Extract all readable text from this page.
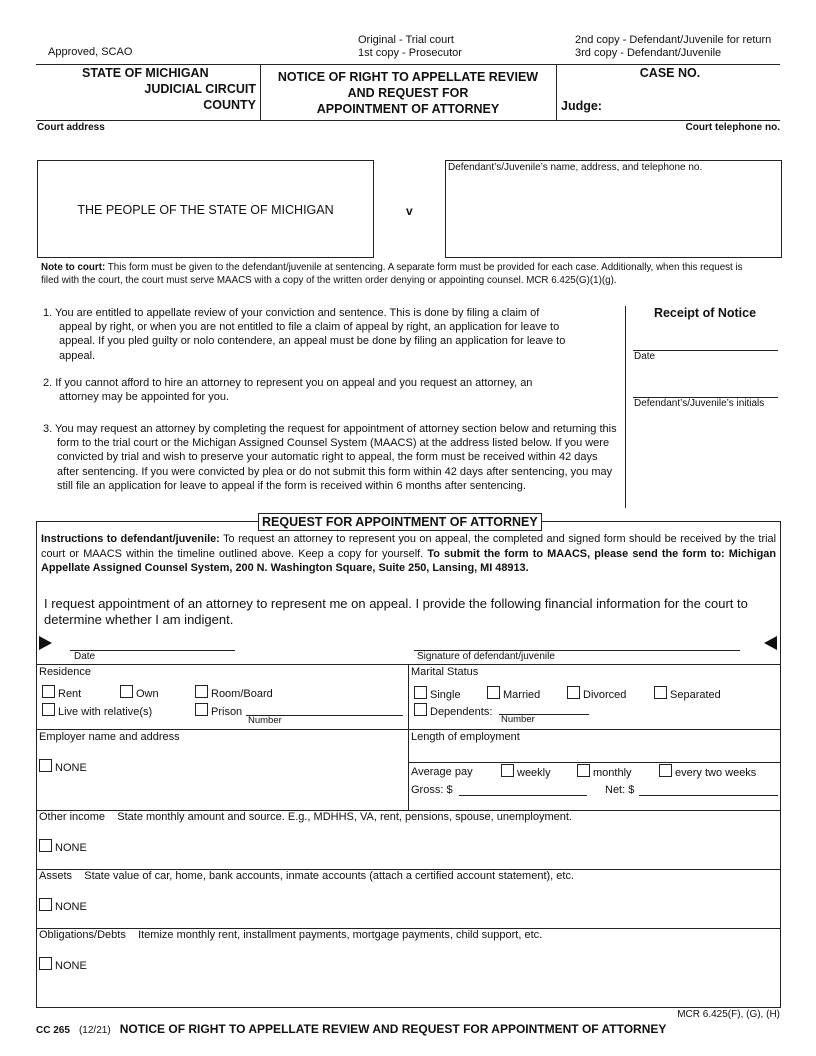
Approved, SCAO
Original - Trial court
1st copy - Prosecutor
2nd copy - Defendant/Juvenile for return
3rd copy - Defendant/Juvenile
STATE OF MICHIGAN
JUDICIAL CIRCUIT
COUNTY
NOTICE OF RIGHT TO APPELLATE REVIEW
AND REQUEST FOR
APPOINTMENT OF ATTORNEY
CASE NO.
Judge:
Court address	Court telephone no.
THE PEOPLE OF THE STATE OF MICHIGAN	v
Defendant’s/Juvenile’s name, address, and telephone no.
Note to court: This form must be given to the defendant/juvenile at sentencing. A separate form must be provided for each case. Additionally, when this request is filed with the court, the court must serve MAACS with a copy of the written order denying or appointing counsel. MCR 6.425(G)(1)(g).

1. You are entitled to appellate review of your conviction and sentence. This is done by filing a claim of appeal by right, or when you are not entitled to file a claim of appeal by right, an application for leave to appeal. If you pled guilty or nolo contendere, an appeal must be done by filing an application for leave to appeal.

2. If you cannot afford to hire an attorney to represent you on appeal and you request an attorney, an attorney may be appointed for you.

3. You may request an attorney by completing the request for appointment of attorney section below and returning this form to the trial court or the Michigan Assigned Counsel System (MAACS) at the address listed below. If you were convicted by trial and wish to preserve your automatic right to appeal, the form must be received within 42 days after sentencing. If you were convicted by plea or do not submit this form within 42 days after sentencing, you may still file an application for leave to appeal if the form is received within 6 months after sentencing.

Receipt of Notice
Date
Defendant’s/Juvenile’s initials
REQUEST FOR APPOINTMENT OF ATTORNEY
Instructions to defendant/juvenile: To request an attorney to represent you on appeal, the completed and signed form should be received by the trial court or MAACS within the timeline outlined above. Keep a copy for yourself. To submit the form to MAACS, please send the form to: Michigan Appellate Assigned Counsel System, 200 N. Washington Square, Suite 250, Lansing, MI 48913.
I request appointment of an attorney to represent me on appeal. I provide the following financial information for the court to determine whether I am indigent.
Date	Signature of defendant/juvenile
Residence
Rent	Own	Room/Board
Live with relative(s)	Prison
Number
Marital Status
Single	Married	Divorced	Separated
Dependents:
Number
Employer name and address
NONE
Length of employment
Average pay	weekly	monthly	every two weeks
Gross: $	Net: $
Other income State monthly amount and source. E.g., MDHHS, VA, rent, pensions, spouse, unemployment.
NONE
Assets State value of car, home, bank accounts, inmate accounts (attach a certified account statement), etc.
NONE
Obligations/Debts Itemize monthly rent, installment payments, mortgage payments, child support, etc.
NONE
MCR 6.425(F), (G), (H)
CC 265 (12/21) NOTICE OF RIGHT TO APPELLATE REVIEW AND REQUEST FOR APPOINTMENT OF ATTORNEY
